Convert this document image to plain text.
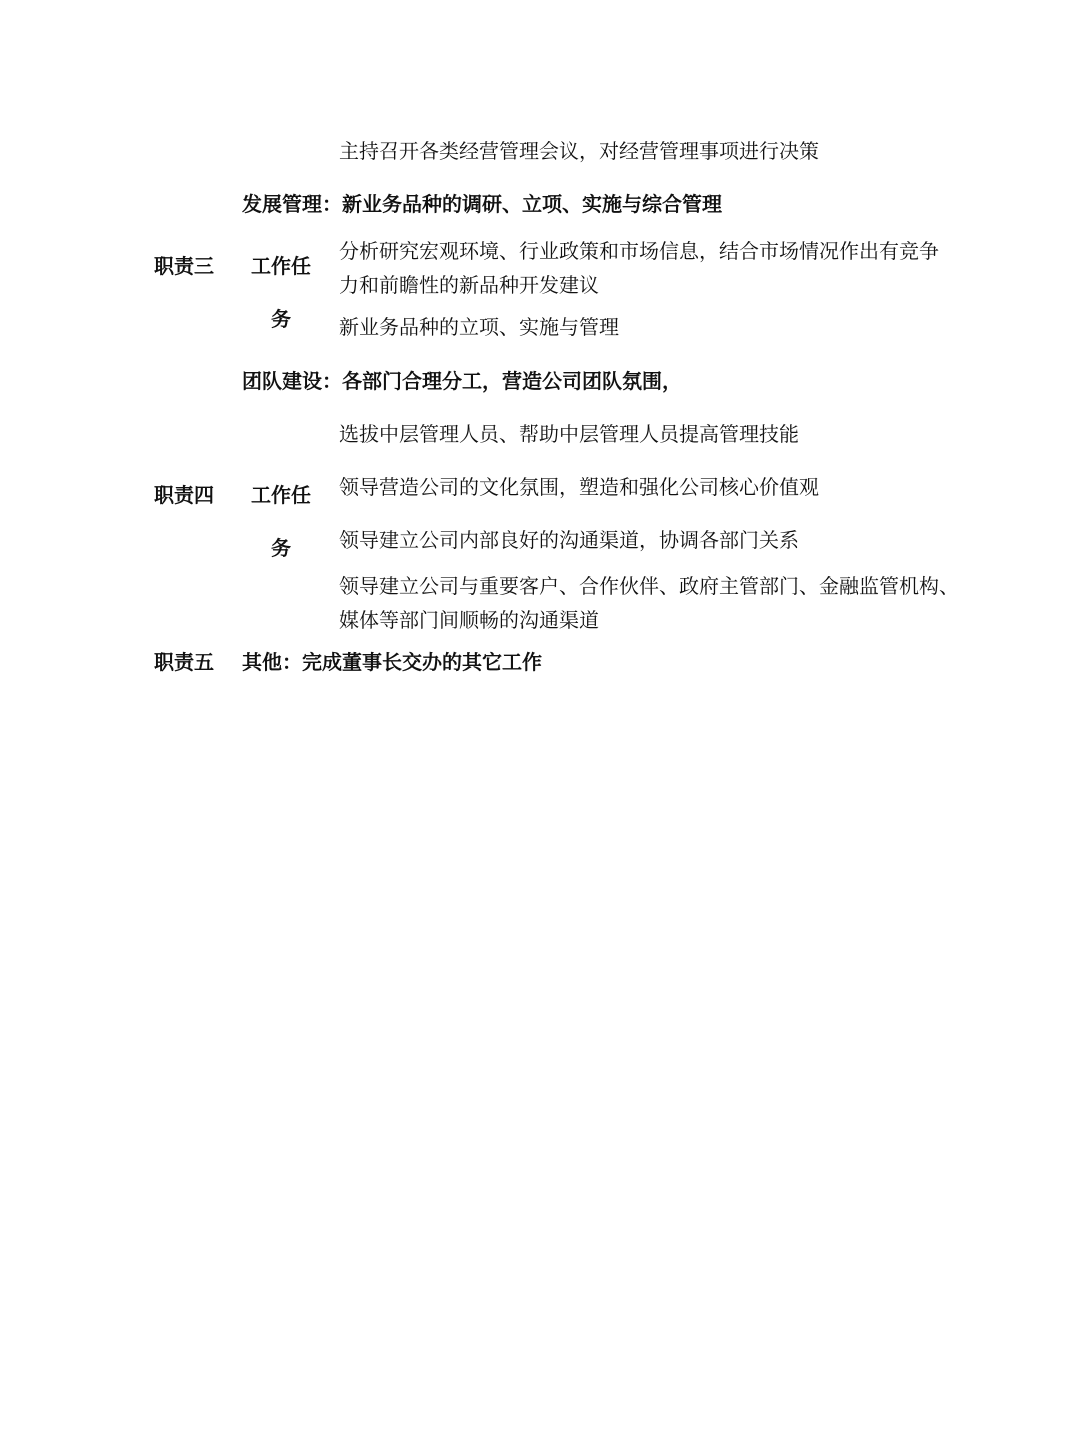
主持召开各类经营管理会议，对经营管理事项进行决策

发展管理：新业务品种的调研、立项、实施与综合管理

职责三 工作任

务

分析研究宏观环境、行业政策和市场信息，结合市场情况作出有竞争

力和前瞻性的新品种开发建议

新业务品种的立项、实施与管理

团队建设：各部门合理分工，营造公司团队氛围，

选拔中层管理人员、帮助中层管理人员提高管理技能

职责四 工作任

务

领导营造公司的文化氛围，塑造和强化公司核心价值观

领导建立公司内部良好的沟通渠道，协调各部门关系

领导建立公司与重要客户、合作伙伴、政府主管部门、金融监管机构、

媒体等部门间顺畅的沟通渠道

职责五 其他：完成董事长交办的其它工作
